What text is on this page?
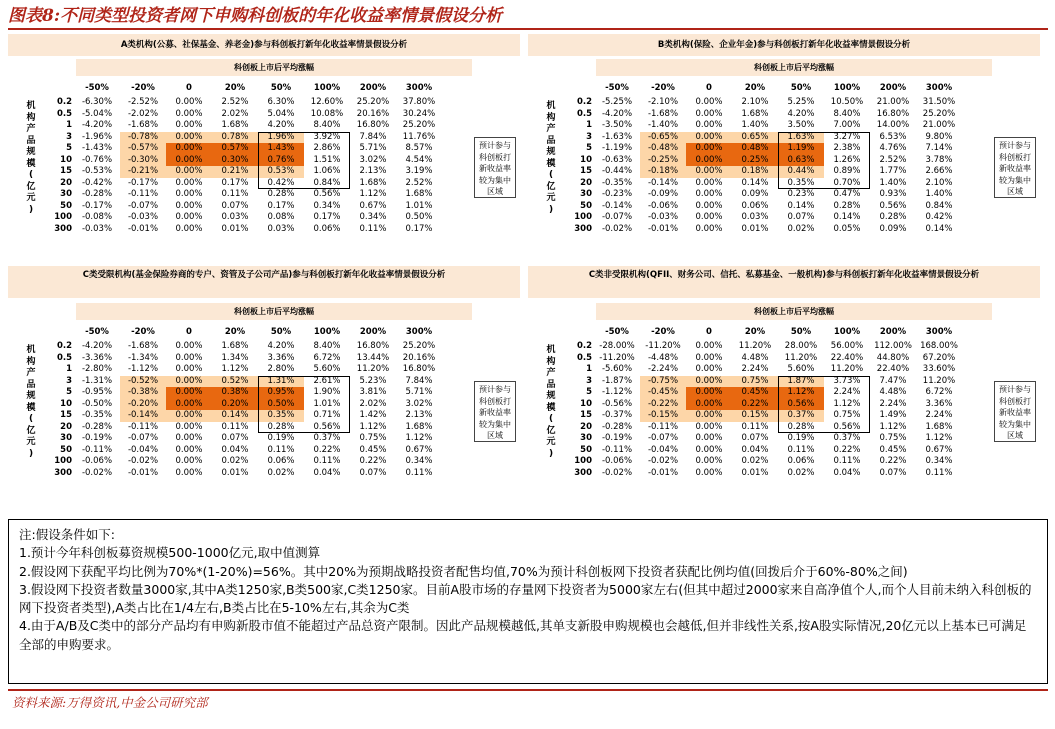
图表8:不同类型投资者网下申购科创板的年化收益率情景假设分析
A类机构(公募、社保基金、养老金)参与科创板打新年化收益率情景假设分析
科创板上市后平均涨幅
-50%	-20%	0	20%	50%	100%	200%	300%
机
构
产
品
规
模
(
亿
元
)
0.2	-6.30%	-2.52%	0.00%	2.52%	6.30%	12.60%	25.20%	37.80%
0.5	-5.04%	-2.02%	0.00%	2.02%	5.04%	10.08%	20.16%	30.24%
1	-4.20%	-1.68%	0.00%	1.68%	4.20%	8.40%	16.80%	25.20%
3	-1.96%	-0.78%	0.00%	0.78%	1.96%	3.92%	7.84%	11.76%
5	-1.43%	-0.57%	0.00%	0.57%	1.43%	2.86%	5.71%	8.57%
10	-0.76%	-0.30%	0.00%	0.30%	0.76%	1.51%	3.02%	4.54%
15	-0.53%	-0.21%	0.00%	0.21%	0.53%	1.06%	2.13%	3.19%
20	-0.42%	-0.17%	0.00%	0.17%	0.42%	0.84%	1.68%	2.52%
30	-0.28%	-0.11%	0.00%	0.11%	0.28%	0.56%	1.12%	1.68%
50	-0.17%	-0.07%	0.00%	0.07%	0.17%	0.34%	0.67%	1.01%
100	-0.08%	-0.03%	0.00%	0.03%	0.08%	0.17%	0.34%	0.50%
300	-0.03%	-0.01%	0.00%	0.01%	0.03%	0.06%	0.11%	0.17%
预计参与
科创板打
新收益率
较为集中
区域
B类机构(保险、企业年金)参与科创板打新年化收益率情景假设分析
科创板上市后平均涨幅
-50%	-20%	0	20%	50%	100%	200%	300%
机
构
产
品
规
模
(
亿
元
)
0.2	-5.25%	-2.10%	0.00%	2.10%	5.25%	10.50%	21.00%	31.50%
0.5	-4.20%	-1.68%	0.00%	1.68%	4.20%	8.40%	16.80%	25.20%
1	-3.50%	-1.40%	0.00%	1.40%	3.50%	7.00%	14.00%	21.00%
3	-1.63%	-0.65%	0.00%	0.65%	1.63%	3.27%	6.53%	9.80%
5	-1.19%	-0.48%	0.00%	0.48%	1.19%	2.38%	4.76%	7.14%
10	-0.63%	-0.25%	0.00%	0.25%	0.63%	1.26%	2.52%	3.78%
15	-0.44%	-0.18%	0.00%	0.18%	0.44%	0.89%	1.77%	2.66%
20	-0.35%	-0.14%	0.00%	0.14%	0.35%	0.70%	1.40%	2.10%
30	-0.23%	-0.09%	0.00%	0.09%	0.23%	0.47%	0.93%	1.40%
50	-0.14%	-0.06%	0.00%	0.06%	0.14%	0.28%	0.56%	0.84%
100	-0.07%	-0.03%	0.00%	0.03%	0.07%	0.14%	0.28%	0.42%
300	-0.02%	-0.01%	0.00%	0.01%	0.02%	0.05%	0.09%	0.14%
预计参与
科创板打
新收益率
较为集中
区域
C类受限机构(基金保险券商的专户、资管及子公司产品)参与科创板打新年化收益率情景假设分析
科创板上市后平均涨幅
-50%	-20%	0	20%	50%	100%	200%	300%
机
构
产
品
规
模
(
亿
元
)
0.2	-4.20%	-1.68%	0.00%	1.68%	4.20%	8.40%	16.80%	25.20%
0.5	-3.36%	-1.34%	0.00%	1.34%	3.36%	6.72%	13.44%	20.16%
1	-2.80%	-1.12%	0.00%	1.12%	2.80%	5.60%	11.20%	16.80%
3	-1.31%	-0.52%	0.00%	0.52%	1.31%	2.61%	5.23%	7.84%
5	-0.95%	-0.38%	0.00%	0.38%	0.95%	1.90%	3.81%	5.71%
10	-0.50%	-0.20%	0.00%	0.20%	0.50%	1.01%	2.02%	3.02%
15	-0.35%	-0.14%	0.00%	0.14%	0.35%	0.71%	1.42%	2.13%
20	-0.28%	-0.11%	0.00%	0.11%	0.28%	0.56%	1.12%	1.68%
30	-0.19%	-0.07%	0.00%	0.07%	0.19%	0.37%	0.75%	1.12%
50	-0.11%	-0.04%	0.00%	0.04%	0.11%	0.22%	0.45%	0.67%
100	-0.06%	-0.02%	0.00%	0.02%	0.06%	0.11%	0.22%	0.34%
300	-0.02%	-0.01%	0.00%	0.01%	0.02%	0.04%	0.07%	0.11%
预计参与
科创板打
新收益率
较为集中
区域
C类非受限机构(QFII、财务公司、信托、私募基金、一般机构)参与科创板打新年化收益率情景假设分析
科创板上市后平均涨幅
-50%	-20%	0	20%	50%	100%	200%	300%
机
构
产
品
规
模
(
亿
元
)
0.2 -28.00%	-11.20%	0.00%	11.20%	28.00%	56.00%	112.00% 168.00%
0.5 -11.20%	-4.48%	0.00%	4.48%	11.20%	22.40%	44.80%	67.20%
1	-5.60%	-2.24%	0.00%	2.24%	5.60%	11.20%	22.40%	33.60%
3	-1.87%	-0.75%	0.00%	0.75%	1.87%	3.73%	7.47%	11.20%
5	-1.12%	-0.45%	0.00%	0.45%	1.12%	2.24%	4.48%	6.72%
10	-0.56%	-0.22%	0.00%	0.22%	0.56%	1.12%	2.24%	3.36%
15	-0.37%	-0.15%	0.00%	0.15%	0.37%	0.75%	1.49%	2.24%
20	-0.28%	-0.11%	0.00%	0.11%	0.28%	0.56%	1.12%	1.68%
30	-0.19%	-0.07%	0.00%	0.07%	0.19%	0.37%	0.75%	1.12%
50	-0.11%	-0.04%	0.00%	0.04%	0.11%	0.22%	0.45%	0.67%
100	-0.06%	-0.02%	0.00%	0.02%	0.06%	0.11%	0.22%	0.34%
300	-0.02%	-0.01%	0.00%	0.01%	0.02%	0.04%	0.07%	0.11%
预计参与
科创板打
新收益率
较为集中
区域

注:假设条件如下:

1.预计今年科创板募资规模500-1000亿元,取中值测算

2.假设网下获配平均比例为70%*(1-20%)=56%。其中20%为预期战略投资者配售均值,70%为预计科创板网下投资者获配比例均值(回拨后介于60%-80%之间)

3.假设网下投资者数量3000家,其中A类1250家,B类500家,C类1250家。目前A股市场的存量网下投资者为5000家左右(但其中超过2000家来自高净值个人,而个人目前未纳入科创板的网下投资者类型),A类占比在1/4左右,B类占比在5-10%左右,其余为C类

4.由于A/B及C类中的部分产品均有申购新股市值不能超过产品总资产限制。因此产品规模越低,其单支新股申购规模也会越低,但并非线性关系,按A股实际情况,20亿元以上基本已可满足全部的申购要求。

资料来源:万得资讯,中金公司研究部
